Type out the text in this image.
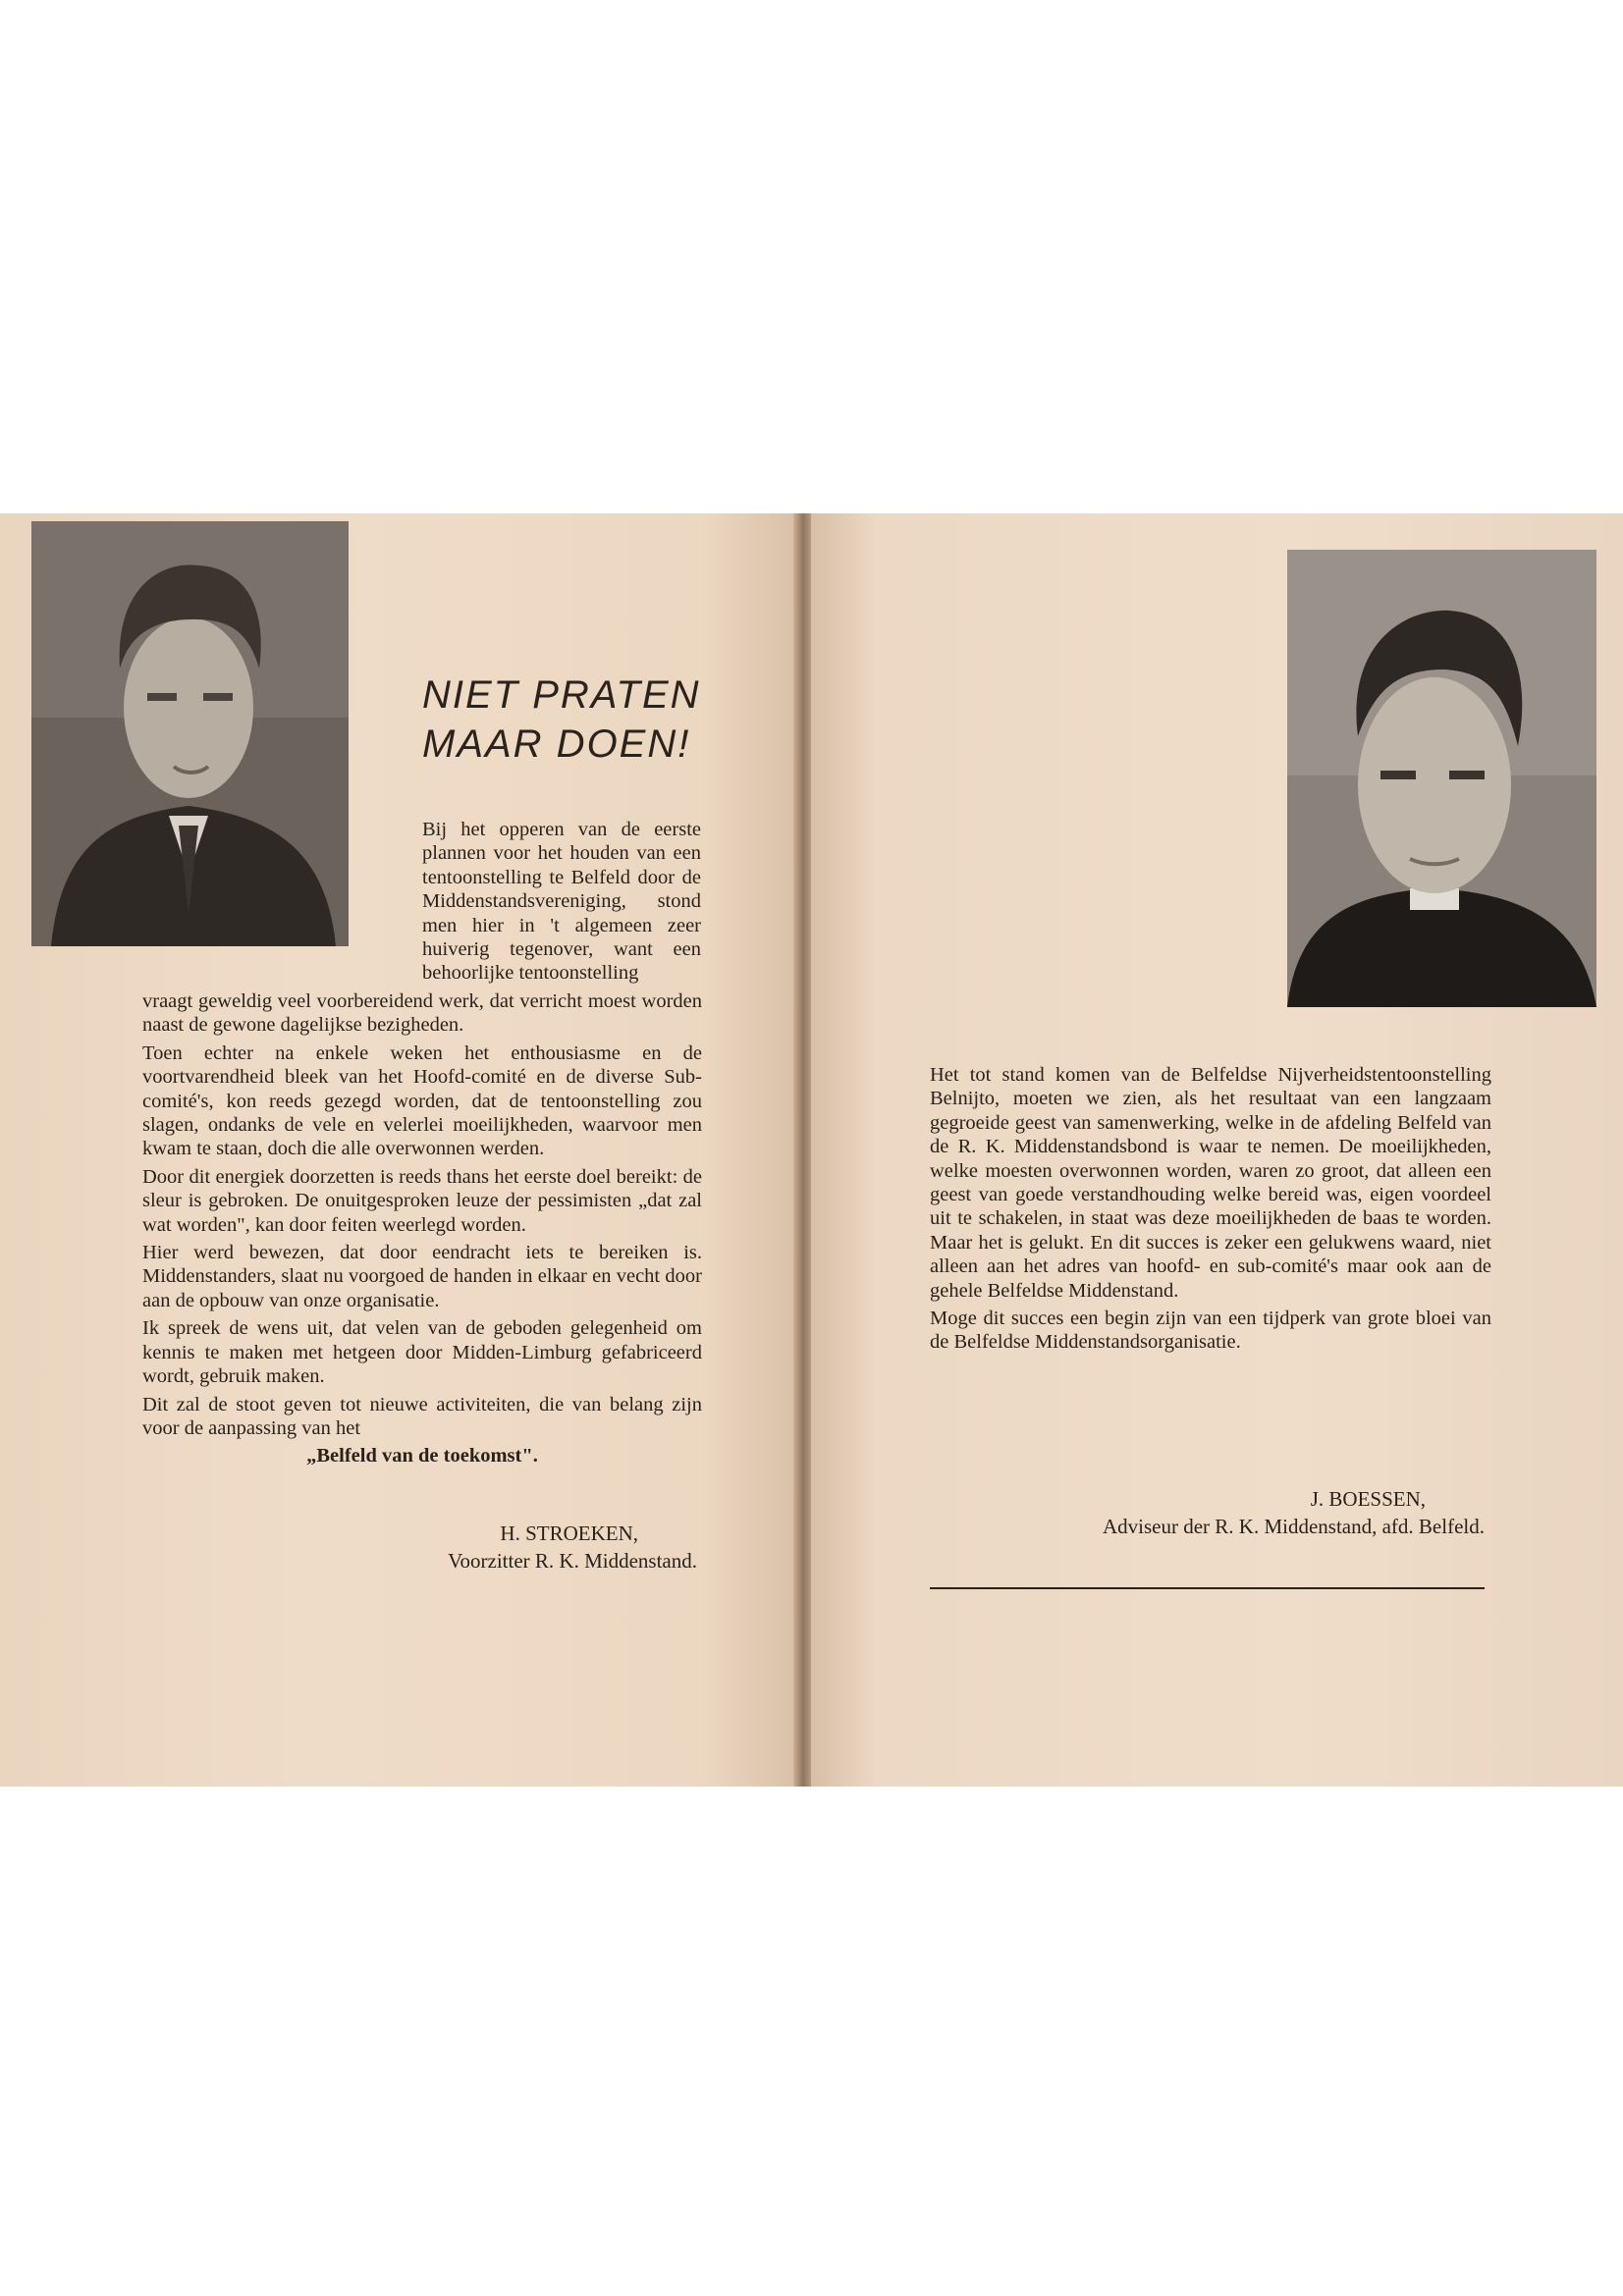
NIET PRATEN
MAAR DOEN!
Bij het opperen van de eerste plannen voor het houden van een tentoonstelling te Belfeld door de Middenstandsvereniging, stond men hier in 't algemeen zeer huiverig tegenover, want een behoorlijke tentoonstelling

vraagt geweldig veel voorbereidend werk, dat verricht moest worden naast de gewone dagelijkse bezigheden.

Toen echter na enkele weken het enthousiasme en de voortvarendheid bleek van het Hoofd-comité en de diverse Sub-comité's, kon reeds gezegd worden, dat de tentoonstelling zou slagen, ondanks de vele en velerlei moeilijkheden, waarvoor men kwam te staan, doch die alle overwonnen werden.

Door dit energiek doorzetten is reeds thans het eerste doel bereikt: de sleur is gebroken. De onuitgesproken leuze der pessimisten „dat zal wat worden", kan door feiten weerlegd worden.

Hier werd bewezen, dat door eendracht iets te bereiken is. Middenstanders, slaat nu voorgoed de handen in elkaar en vecht door aan de opbouw van onze organisatie.

Ik spreek de wens uit, dat velen van de geboden gelegenheid om kennis te maken met hetgeen door Midden-Limburg gefabriceerd wordt, gebruik maken.

Dit zal de stoot geven tot nieuwe activiteiten, die van belang zijn voor de aanpassing van het

„Belfeld van de toekomst".

H. STROEKEN,
Voorzitter R. K. Middenstand.

Het tot stand komen van de Belfeldse Nijverheidstentoonstelling Belnijto, moeten we zien, als het resultaat van een langzaam gegroeide geest van samenwerking, welke in de afdeling Belfeld van de R. K. Middenstandsbond is waar te nemen. De moeilijkheden, welke moesten overwonnen worden, waren zo groot, dat alleen een geest van goede verstandhouding welke bereid was, eigen voordeel uit te schakelen, in staat was deze moeilijkheden de baas te worden. Maar het is gelukt. En dit succes is zeker een gelukwens waard, niet alleen aan het adres van hoofd- en sub-comité's maar ook aan de gehele Belfeldse Middenstand.

Moge dit succes een begin zijn van een tijdperk van grote bloei van de Belfeldse Middenstandsorganisatie.

J. BOESSEN,
Adviseur der R. K. Middenstand, afd. Belfeld.
